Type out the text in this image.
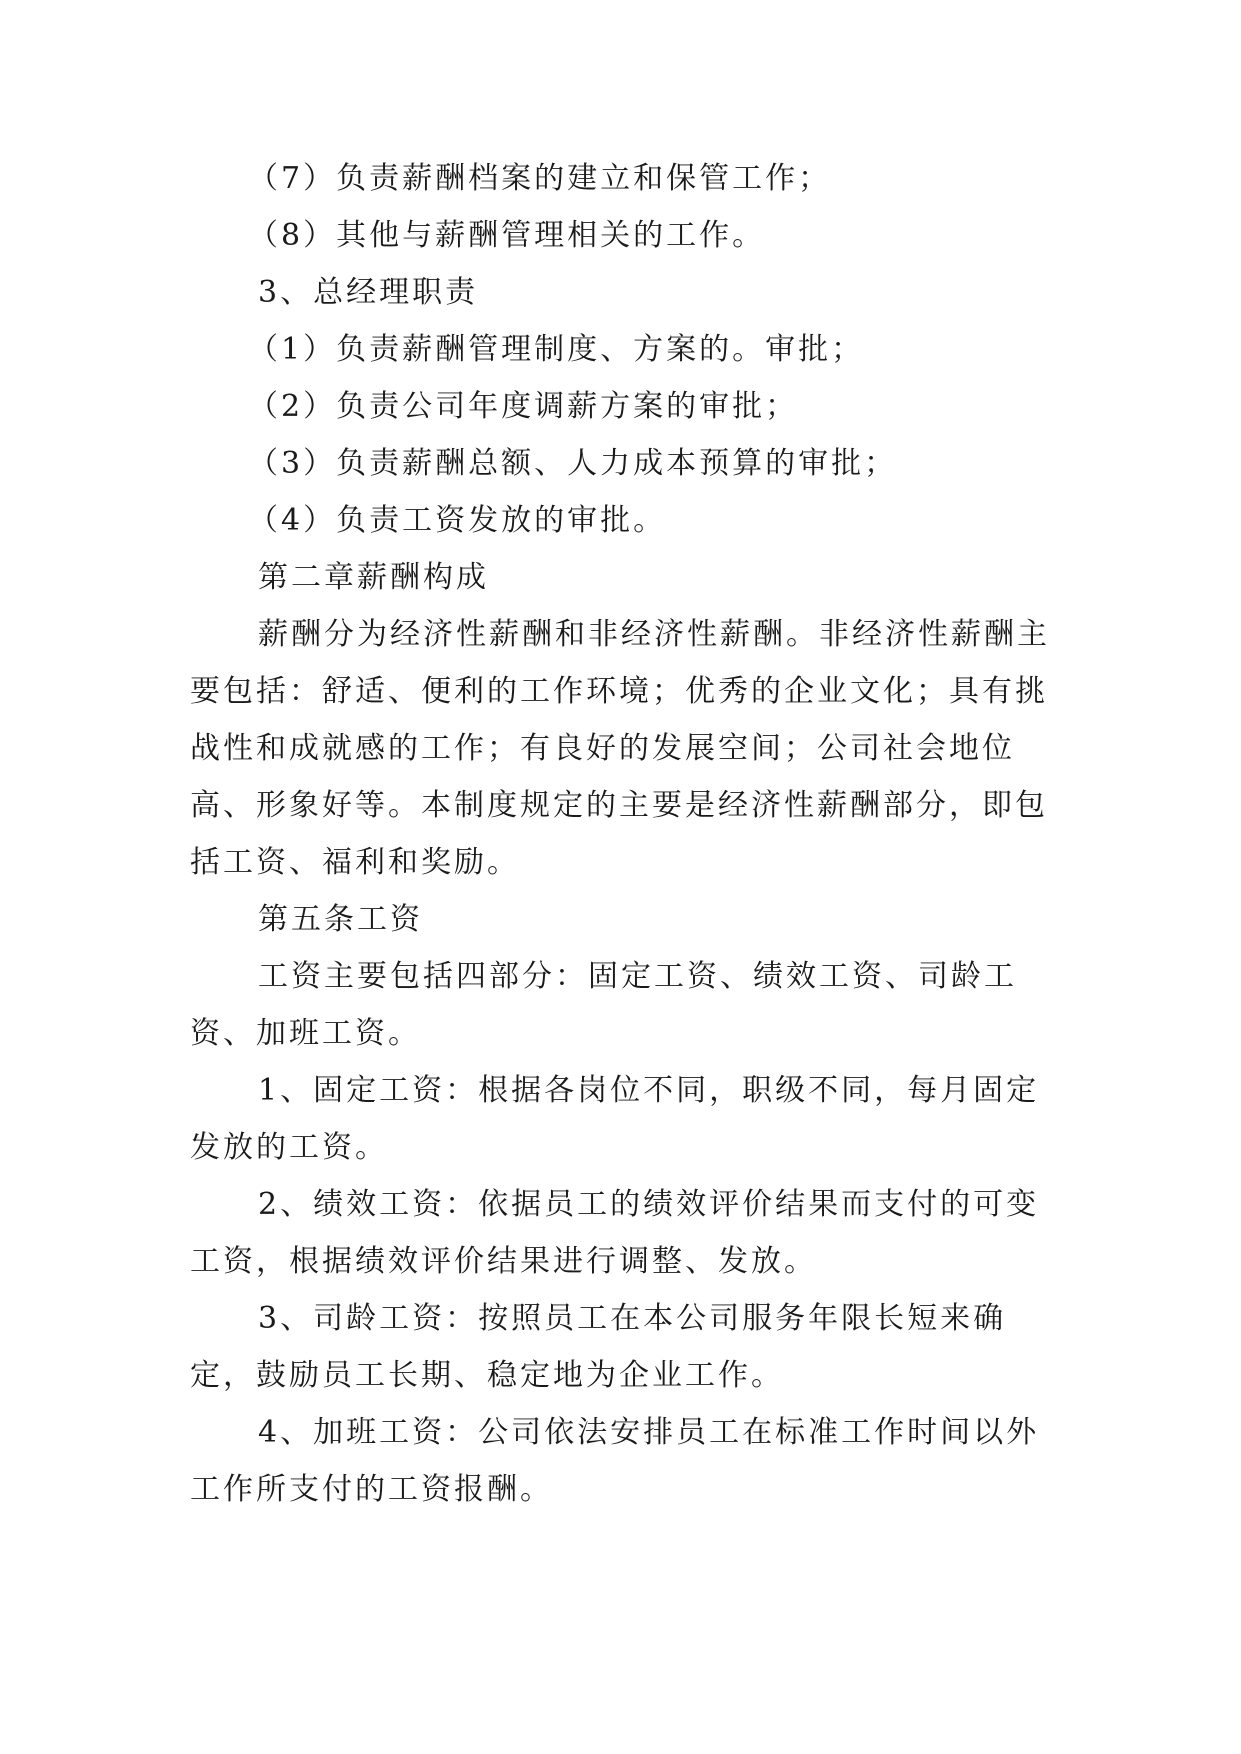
（7）负责薪酬档案的建立和保管工作；

（8）其他与薪酬管理相关的工作。

3、总经理职责

（1）负责薪酬管理制度、方案的。审批；

（2）负责公司年度调薪方案的审批；

（3）负责薪酬总额、人力成本预算的审批；

（4）负责工资发放的审批。

第二章薪酬构成

薪酬分为经济性薪酬和非经济性薪酬。非经济性薪酬主要包括：舒适、便利的工作环境；优秀的企业文化；具有挑战性和成就感的工作；有良好的发展空间；公司社会地位高、形象好等。本制度规定的主要是经济性薪酬部分，即包括工资、福利和奖励。

第五条工资

工资主要包括四部分：固定工资、绩效工资、司龄工资、加班工资。

1、固定工资：根据各岗位不同，职级不同，每月固定发放的工资。

2、绩效工资：依据员工的绩效评价结果而支付的可变工资，根据绩效评价结果进行调整、发放。

3、司龄工资：按照员工在本公司服务年限长短来确定，鼓励员工长期、稳定地为企业工作。

4、加班工资：公司依法安排员工在标准工作时间以外工作所支付的工资报酬。
